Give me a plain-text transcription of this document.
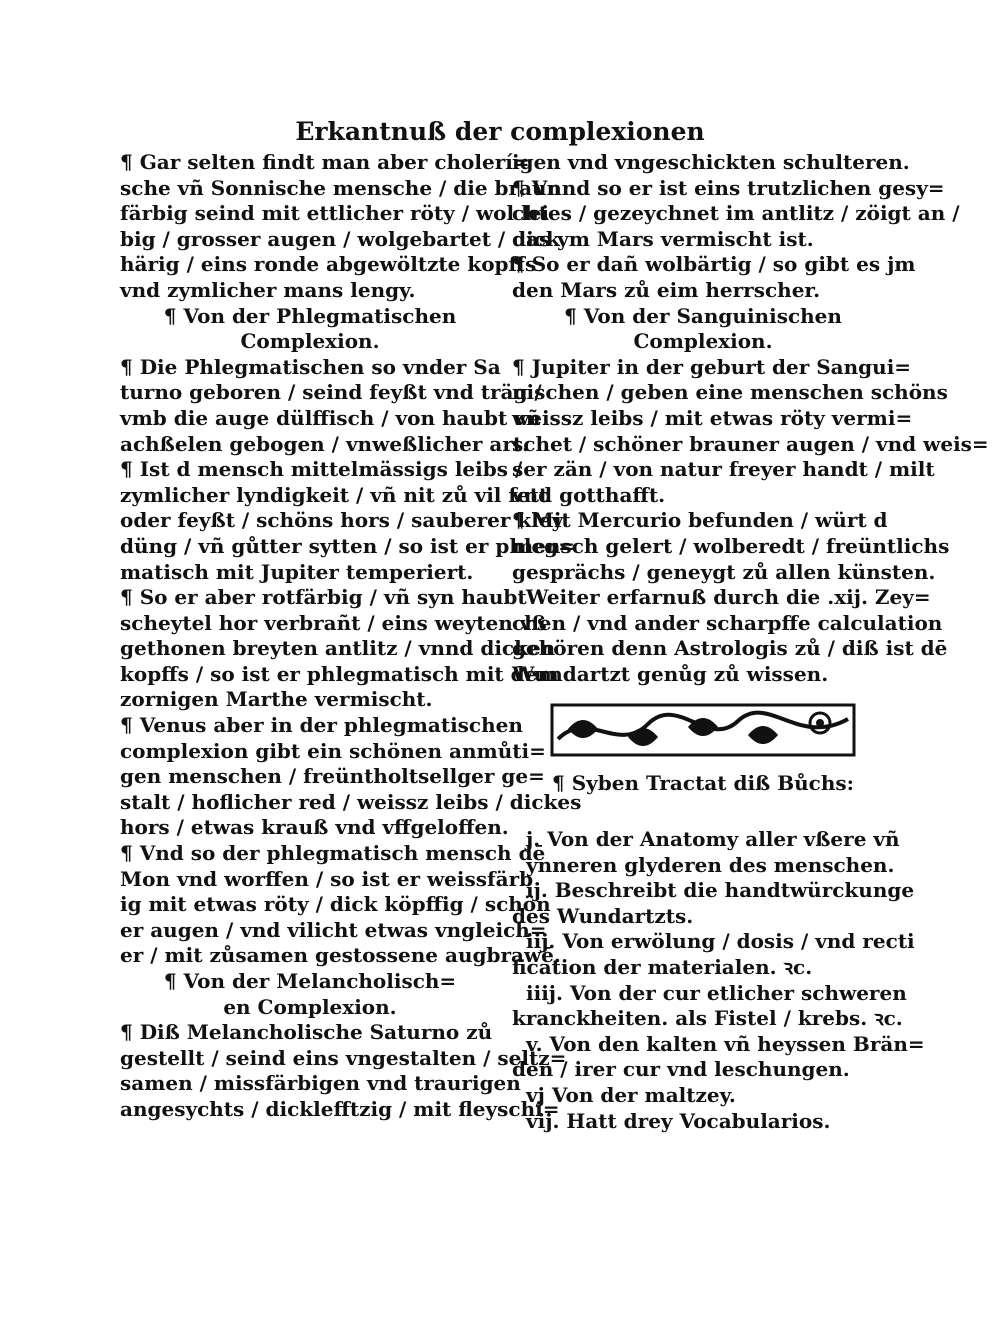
Erkantnuß der complexionen
¶ Gar selten findt man aber cholerí=
sche vñ Sonnische mensche / die braun
färbig seind mit ettlicher röty / wol lei
big / grosser augen / wolgebartet / dick
härig / eins ronde abgewöltzte kopffs
vnd zymlicher mans lengy.
¶ Von der Phlegmatischen
Complexion.
¶ Die Phlegmatischen so vnder Sa
turno geboren / seind feyßt vnd träg /
vmb die auge dülffisch / von haubt vñ
achßelen gebogen / vnweßlicher art.
¶ Ist d mensch mittelmässigs leibs /
zymlicher lyndigkeit / vñ nit zů vil fett
oder feyßt / schöns hors / sauberer kley
düng / vñ gůtter sytten / so ist er phleg=
matisch mit Jupiter temperiert.
¶ So er aber rotfärbig / vñ syn haubt
scheytel hor verbrañt / eins weyten vß
gethonen breyten antlitz / vnnd dicken
kopffs / so ist er phlegmatisch mit dem
zornigen Marthe vermischt.
¶ Venus aber in der phlegmatischen
complexion gibt ein schönen anmůti=
gen menschen / freüntholtsellger ge=
stalt / hoflicher red / weissz leibs / dickes
hors / etwas krauß vnd vffgeloffen.
¶ Vnd so der phlegmatisch mensch dē
Mon vnd worffen / so ist er weissfärb
ig mit etwas röty / dick köpffig / schön
er augen / vnd vilicht etwas vngleich=
er / mit zůsamen gestossene augbrawē.
¶ Von der Melancholisch=
en Complexion.
¶ Diß Melancholische Saturno zů
gestellt / seind eins vngestalten / seltz=
samen / missfärbigen vnd traurigen
angesychts / dicklefftzig / mit fleyschi=
igen vnd vngeschickten schulteren.
¶ Vnnd so er ist eins trutzlichen gesy=
chtes / gezeychnet im antlitz / zöigt an /
das ym Mars vermischt ist.
¶ So er dañ wolbärtig / so gibt es jm
den Mars zů eim herrscher.
¶ Von der Sanguinischen
Complexion.
¶ Jupiter in der geburt der Sangui=
nischen / geben eine menschen schöns
weissz leibs / mit etwas röty vermi=
schet / schöner brauner augen / vnd weis=
ser zän / von natur freyer handt / milt
vnd gotthafft.
¶ Mit Mercurio befunden / würt d
mensch gelert / wolberedt / freüntlichs
gesprächs / geneygt zů allen künsten.
Weiter erfarnuß durch die .xij. Zey=
chen / vnd ander scharpffe calculation
gehören denn Astrologis zů / diß ist dē
Wundartzt genůg zů wissen.
¶ Syben Tractat diß Bůchs:
j. Von der Anatomy aller vßere vñ
ynneren glyderen des menschen.
ij. Beschreibt die handtwürckunge
des Wundartzts.
iij. Von erwölung / dosis / vnd recti
fication der materialen. ꝛc.
iiij. Von der cur etlicher schweren
kranckheiten. als Fistel / krebs. ꝛc.
v. Von den kalten vñ heyssen Brän=
den / irer cur vnd leschungen.
vj Von der maltzey.
vij. Hatt drey Vocabularios.
